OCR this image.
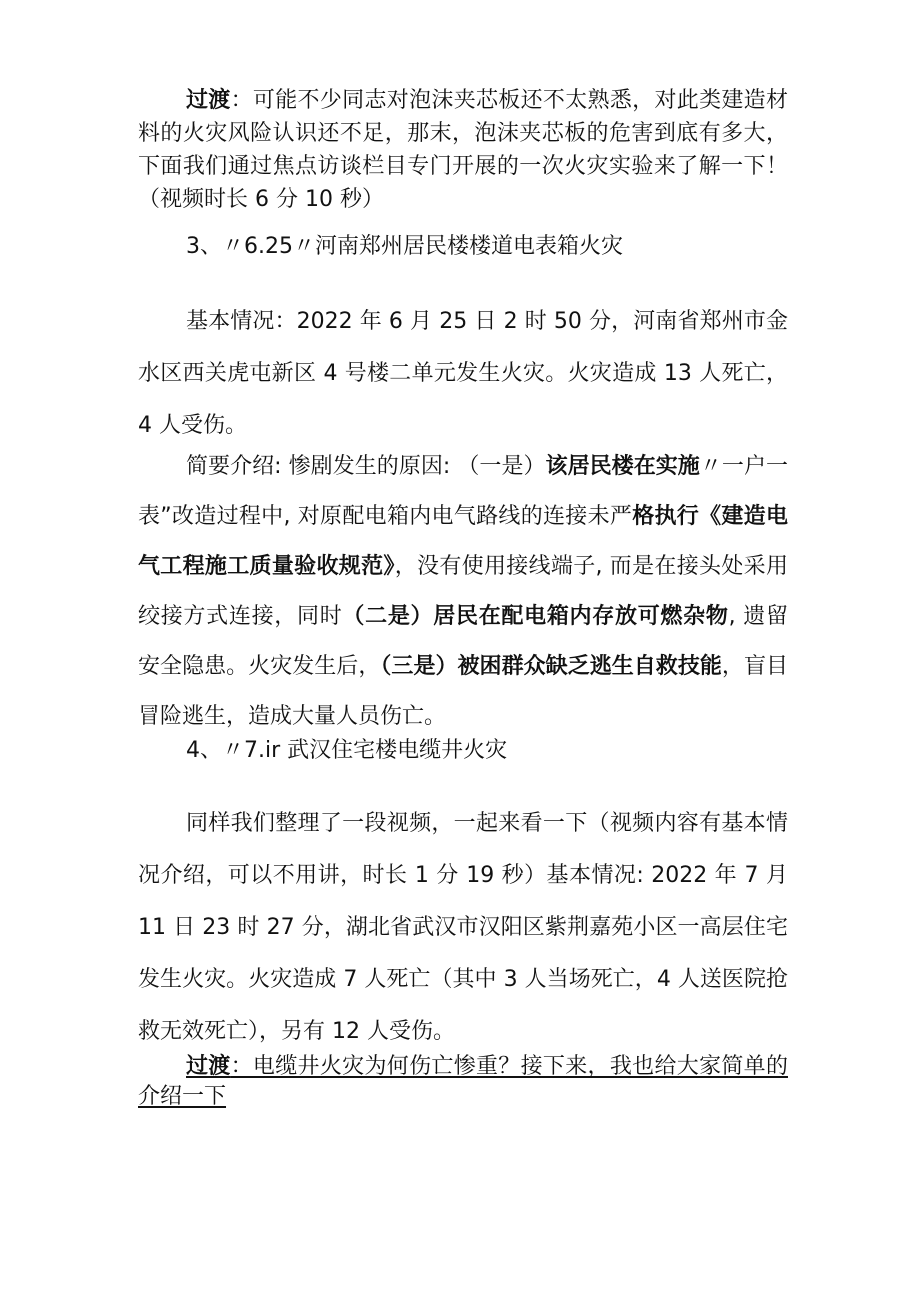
过渡：可能不少同志对泡沫夹芯板还不太熟悉，对此类建造材料的火灾风险认识还不足，那末，泡沫夹芯板的危害到底有多大，下面我们通过焦点访谈栏目专门开展的一次火灾实验来了解一下！（视频时长 6 分 10 秒）
3、〃6.25〃河南郑州居民楼楼道电表箱火灾
基本情况：2022 年 6 月 25 日 2 时 50 分，河南省郑州市金水区西关虎屯新区 4 号楼二单元发生火灾。火灾造成 13 人死亡，4 人受伤。
简要介绍: 惨剧发生的原因: （一是）该居民楼在实施〃一户一表”改造过程中, 对原配电箱内电气路线的连接未严格执行《建造电气工程施工质量验收规范》，没有使用接线端子, 而是在接头处采用绞接方式连接，同时（二是）居民在配电箱内存放可燃杂物, 遗留安全隐患。火灾发生后，（三是）被困群众缺乏逃生自救技能，盲目冒险逃生，造成大量人员伤亡。
4、〃7.ir 武汉住宅楼电缆井火灾
同样我们整理了一段视频，一起来看一下（视频内容有基本情况介绍，可以不用讲，时长 1 分 19 秒）基本情况: 2022 年 7 月 11 日 23 时 27 分，湖北省武汉市汉阳区紫荆嘉苑小区一高层住宅发生火灾。火灾造成 7 人死亡（其中 3 人当场死亡，4 人送医院抢救无效死亡），另有 12 人受伤。
过渡：电缆井火灾为何伤亡惨重？接下来，我也给大家简单的介绍一下
